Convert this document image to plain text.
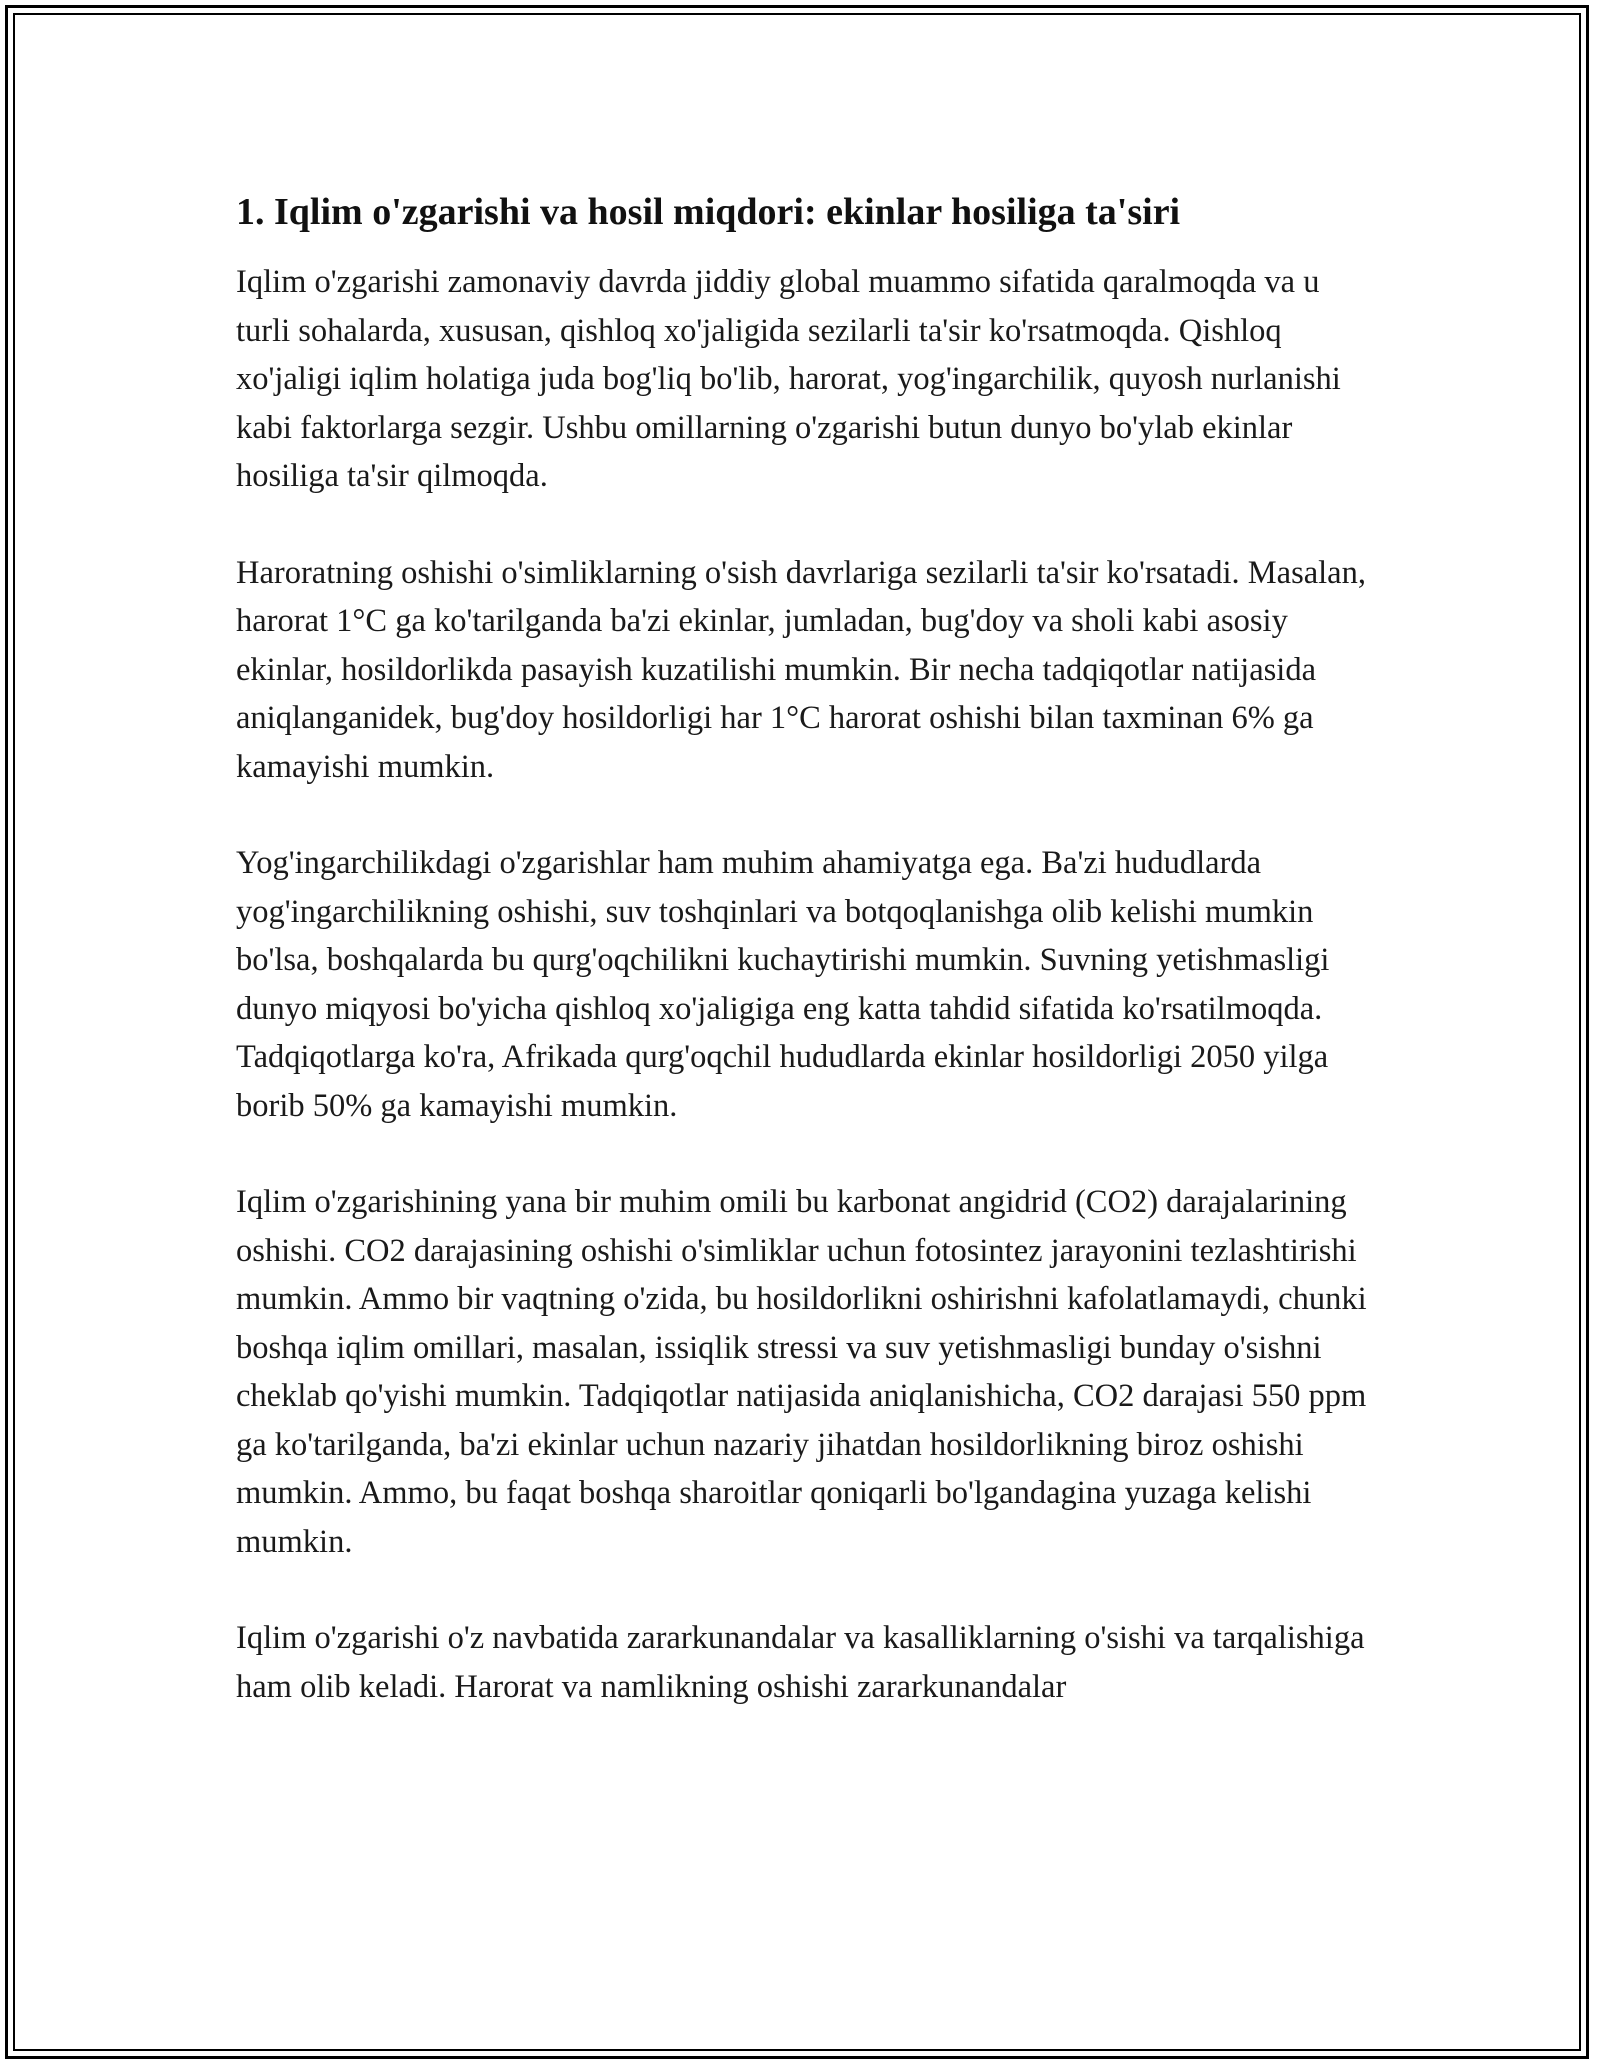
1. Iqlim o'zgarishi va hosil miqdori: ekinlar hosiliga ta'siri

Iqlim o'zgarishi zamonaviy davrda jiddiy global muammo sifatida qaralmoqda va u turli sohalarda, xususan, qishloq xo'jaligida sezilarli ta'sir ko'rsatmoqda. Qishloq xo'jaligi iqlim holatiga juda bog'liq bo'lib, harorat, yog'ingarchilik, quyosh nurlanishi kabi faktorlarga sezgir. Ushbu omillarning o'zgarishi butun dunyo bo'ylab ekinlar hosiliga ta'sir qilmoqda.

Haroratning oshishi o'simliklarning o'sish davrlariga sezilarli ta'sir ko'rsatadi. Masalan, harorat 1°C ga ko'tarilganda ba'zi ekinlar, jumladan, bug'doy va sholi kabi asosiy ekinlar, hosildorlikda pasayish kuzatilishi mumkin. Bir necha tadqiqotlar natijasida aniqlanganidek, bug'doy hosildorligi har 1°C harorat oshishi bilan taxminan 6% ga kamayishi mumkin.

Yog'ingarchilikdagi o'zgarishlar ham muhim ahamiyatga ega. Ba'zi hududlarda yog'ingarchilikning oshishi, suv toshqinlari va botqoqlanishga olib kelishi mumkin bo'lsa, boshqalarda bu qurg'oqchilikni kuchaytirishi mumkin. Suvning yetishmasligi dunyo miqyosi bo'yicha qishloq xo'jaligiga eng katta tahdid sifatida ko'rsatilmoqda. Tadqiqotlarga ko'ra, Afrikada qurg'oqchil hududlarda ekinlar hosildorligi 2050 yilga borib 50% ga kamayishi mumkin.

Iqlim o'zgarishining yana bir muhim omili bu karbonat angidrid (CO2) darajalarining oshishi. CO2 darajasining oshishi o'simliklar uchun fotosintez jarayonini tezlashtirishi mumkin. Ammo bir vaqtning o'zida, bu hosildorlikni oshirishni kafolatlamaydi, chunki boshqa iqlim omillari, masalan, issiqlik stressi va suv yetishmasligi bunday o'sishni cheklab qo'yishi mumkin. Tadqiqotlar natijasida aniqlanishicha, CO2 darajasi 550 ppm ga ko'tarilganda, ba'zi ekinlar uchun nazariy jihatdan hosildorlikning biroz oshishi mumkin. Ammo, bu faqat boshqa sharoitlar qoniqarli bo'lgandagina yuzaga kelishi mumkin.

Iqlim o'zgarishi o'z navbatida zararkunandalar va kasalliklarning o'sishi va tarqalishiga ham olib keladi. Harorat va namlikning oshishi zararkunandalar
